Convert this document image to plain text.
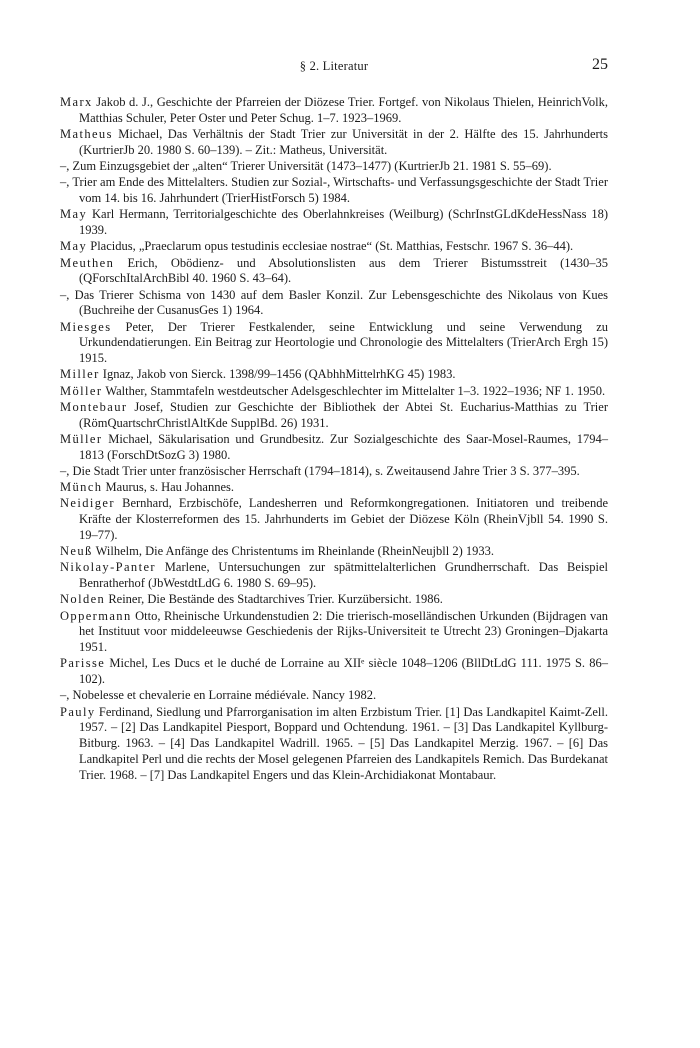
§ 2. Literatur	25

Marx Jakob d. J., Geschichte der Pfarreien der Diözese Trier. Fortgef. von Nikolaus Thielen, HeinrichVolk, Matthias Schuler, Peter Oster und Peter Schug. 1–7. 1923–1969.

Matheus Michael, Das Verhältnis der Stadt Trier zur Universität in der 2. Hälfte des 15. Jahrhunderts (KurtrierJb 20. 1980 S. 60–139). – Zit.: Matheus, Universität.

–, Zum Einzugsgebiet der „alten“ Trierer Universität (1473–1477) (KurtrierJb 21. 1981 S. 55–69).

–, Trier am Ende des Mittelalters. Studien zur Sozial-, Wirtschafts- und Verfassungsgeschichte der Stadt Trier vom 14. bis 16. Jahrhundert (TrierHistForsch 5) 1984.

May Karl Hermann, Territorialgeschichte des Oberlahnkreises (Weilburg) (SchrInstGLdKdeHessNass 18) 1939.

May Placidus, „Praeclarum opus testudinis ecclesiae nostrae“ (St. Matthias, Festschr. 1967 S. 36–44).

Meuthen Erich, Obödienz- und Absolutionslisten aus dem Trierer Bistumsstreit (1430–35 (QForschItalArchBibl 40. 1960 S. 43–64).

–, Das Trierer Schisma von 1430 auf dem Basler Konzil. Zur Lebensgeschichte des Nikolaus von Kues (Buchreihe der CusanusGes 1) 1964.

Miesges Peter, Der Trierer Festkalender, seine Entwicklung und seine Verwendung zu Urkundendatierungen. Ein Beitrag zur Heortologie und Chronologie des Mittelalters (TrierArch Ergh 15) 1915.

Miller Ignaz, Jakob von Sierck. 1398/99–1456 (QAbhhMittelrhKG 45) 1983.

Möller Walther, Stammtafeln westdeutscher Adelsgeschlechter im Mittelalter 1–3. 1922–1936; NF 1. 1950.

Montebaur Josef, Studien zur Geschichte der Bibliothek der Abtei St. Eucharius-Matthias zu Trier (RömQuartschrChristlAltKde SupplBd. 26) 1931.

Müller Michael, Säkularisation und Grundbesitz. Zur Sozialgeschichte des Saar-Mosel-Raumes, 1794–1813 (ForschDtSozG 3) 1980.

–, Die Stadt Trier unter französischer Herrschaft (1794–1814), s. Zweitausend Jahre Trier 3 S. 377–395.

Münch Maurus, s. Hau Johannes.

Neidiger Bernhard, Erzbischöfe, Landesherren und Reformkongregationen. Initiatoren und treibende Kräfte der Klosterreformen des 15. Jahrhunderts im Gebiet der Diözese Köln (RheinVjbll 54. 1990 S. 19–77).

Neuß Wilhelm, Die Anfänge des Christentums im Rheinlande (RheinNeujbll 2) 1933.

Nikolay-Panter Marlene, Untersuchungen zur spätmittelalterlichen Grundherrschaft. Das Beispiel Benratherhof (JbWestdtLdG 6. 1980 S. 69–95).

Nolden Reiner, Die Bestände des Stadtarchives Trier. Kurzübersicht. 1986.

Oppermann Otto, Rheinische Urkundenstudien 2: Die trierisch-moselländischen Urkunden (Bijdragen van het Instituut voor middeleeuwse Geschiedenis der Rijks-Universiteit te Utrecht 23) Groningen–Djakarta 1951.

Parisse Michel, Les Ducs et le duché de Lorraine au XIIᵉ siècle 1048–1206 (BllDtLdG 111. 1975 S. 86–102).

–, Nobelesse et chevalerie en Lorraine médiévale. Nancy 1982.

Pauly Ferdinand, Siedlung und Pfarrorganisation im alten Erzbistum Trier. [1] Das Landkapitel Kaimt-Zell. 1957. – [2] Das Landkapitel Piesport, Boppard und Ochtendung. 1961. – [3] Das Landkapitel Kyllburg-Bitburg. 1963. – [4] Das Landkapitel Wadrill. 1965. – [5] Das Landkapitel Merzig. 1967. – [6] Das Landkapitel Perl und die rechts der Mosel gelegenen Pfarreien des Landkapitels Remich. Das Burdekanat Trier. 1968. – [7] Das Landkapitel Engers und das Klein-Archidiakonat Montabaur.
